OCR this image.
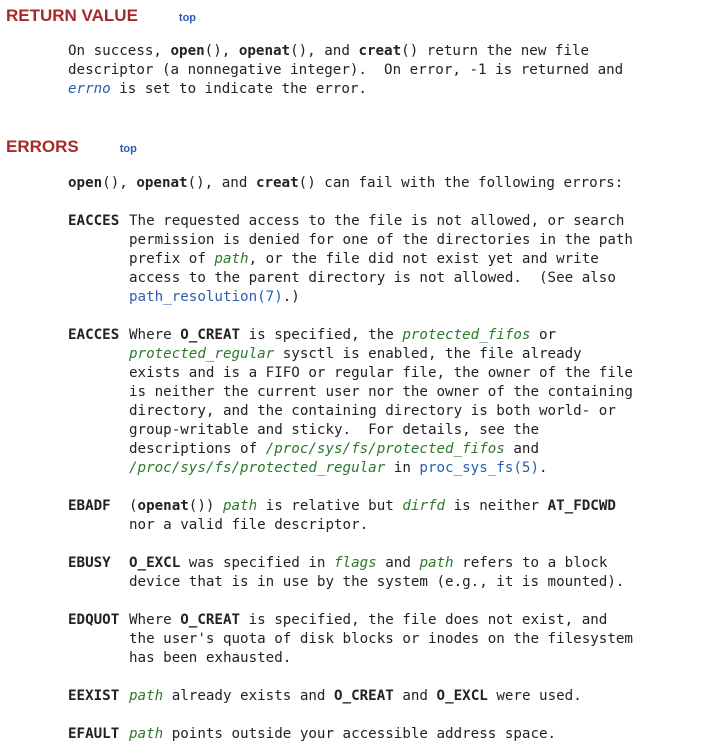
RETURN VALUE	top
On success, open(), openat(), and creat() return the new file
descriptor (a nonnegative integer).  On error, -1 is returned and
errno is set to indicate the error.
ERRORS	top
open(), openat(), and creat() can fail with the following errors:
EACCES The requested access to the file is not allowed, or search
permission is denied for one of the directories in the path
prefix of path, or the file did not exist yet and write
access to the parent directory is not allowed.  (See also
path_resolution(7).)
EACCES Where O_CREAT is specified, the protected_fifos or
protected_regular sysctl is enabled, the file already
exists and is a FIFO or regular file, the owner of the file
is neither the current user nor the owner of the containing
directory, and the containing directory is both world- or
group-writable and sticky.  For details, see the
descriptions of /proc/sys/fs/protected_fifos and
/proc/sys/fs/protected_regular in proc_sys_fs(5).
EBADF (openat()) path is relative but dirfd is neither AT_FDCWD
nor a valid file descriptor.
EBUSY O_EXCL was specified in flags and path refers to a block
device that is in use by the system (e.g., it is mounted).
EDQUOT Where O_CREAT is specified, the file does not exist, and
the user's quota of disk blocks or inodes on the filesystem
has been exhausted.
EEXIST path already exists and O_CREAT and O_EXCL were used.
EFAULT path points outside your accessible address space.
